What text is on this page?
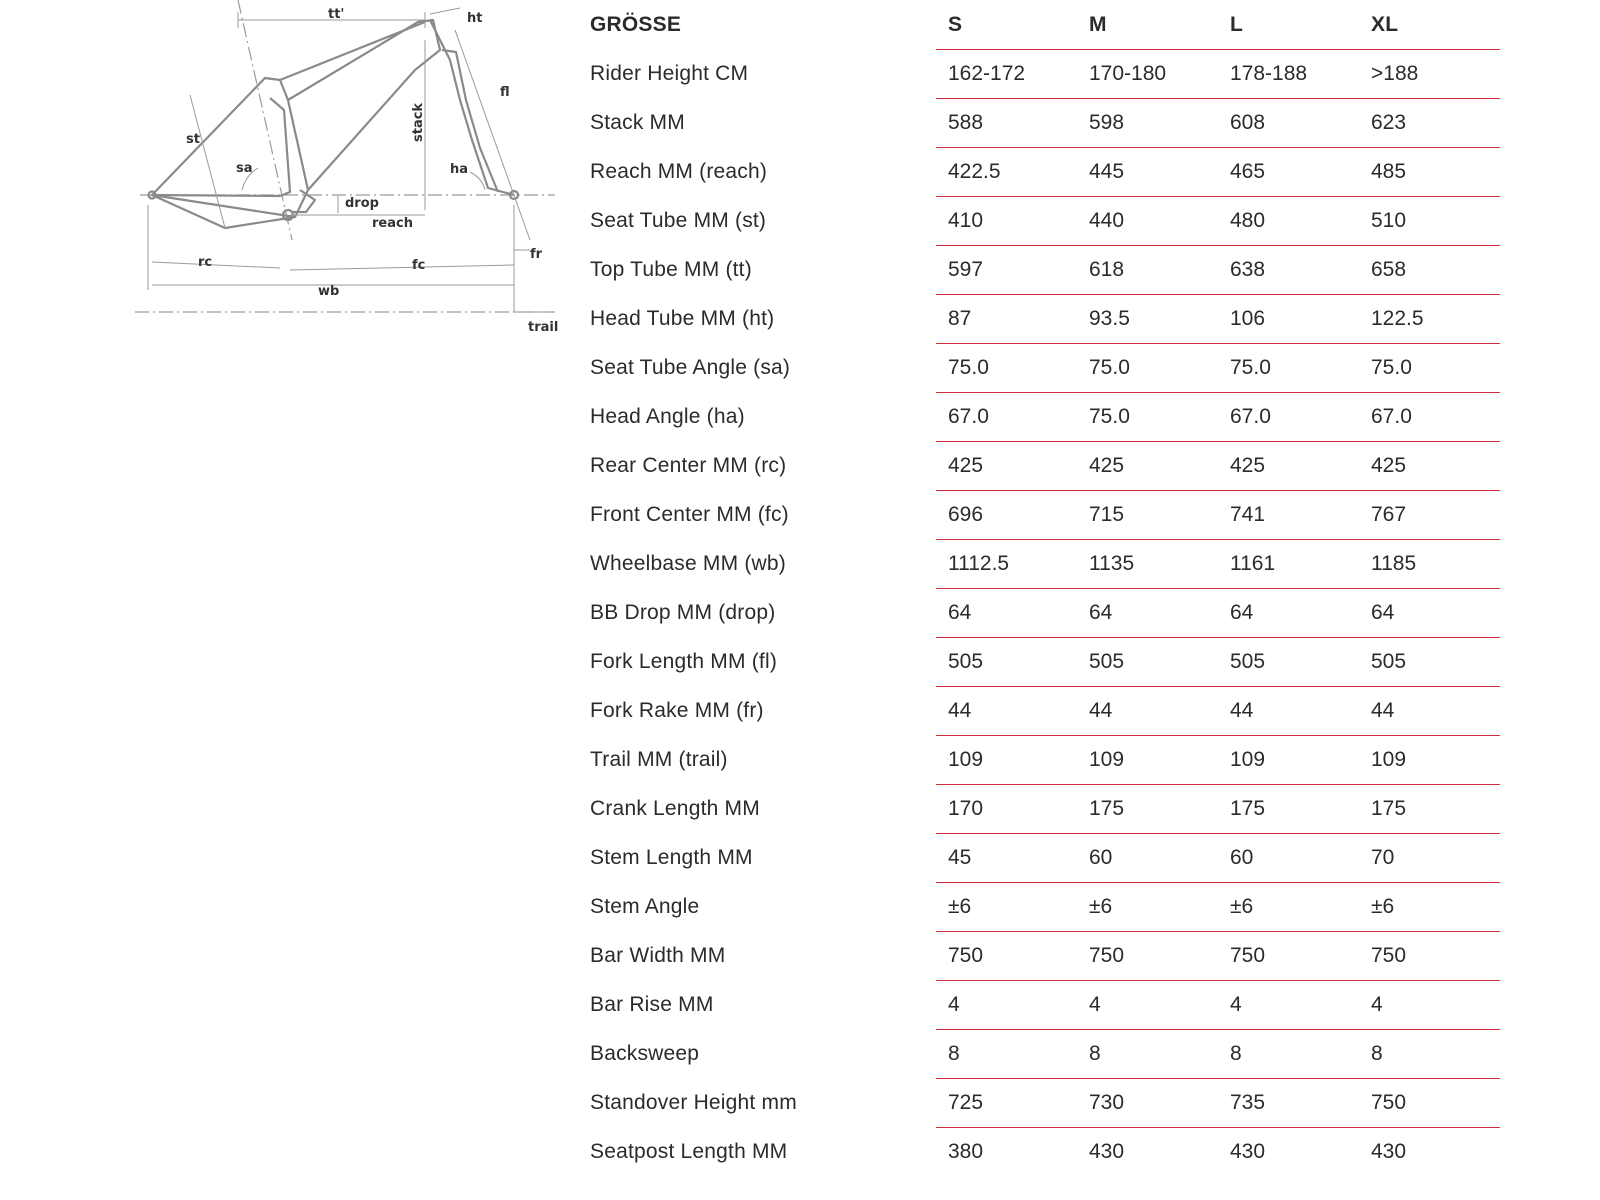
tt'	ht
fl
st	stack
sa	ha
drop
reach
rc	fc
fr
wb
trail
GRÖSSE	S	M	L	XL
Rider Height CM	162-172	170-180	178-188	>188
Stack MM	588	598	608	623
Reach MM (reach)	422.5	445	465	485
Seat Tube MM (st)	410	440	480	510
Top Tube MM (tt)	597	618	638	658
Head Tube MM (ht)	87	93.5	106	122.5
Seat Tube Angle (sa)	75.0	75.0	75.0	75.0
Head Angle (ha)	67.0	75.0	67.0	67.0
Rear Center MM (rc)	425	425	425	425
Front Center MM (fc)	696	715	741	767
Wheelbase MM (wb)	1112.5	1135	1161	1185
BB Drop MM (drop)	64	64	64	64
Fork Length MM (fl)	505	505	505	505
Fork Rake MM (fr)	44	44	44	44
Trail MM (trail)	109	109	109	109
Crank Length MM	170	175	175	175
Stem Length MM	45	60	60	70
Stem Angle	±6	±6	±6	±6
Bar Width MM	750	750	750	750
Bar Rise MM	4	4	4	4
Backsweep	8	8	8	8
Standover Height mm	725	730	735	750
Seatpost Length MM	380	430	430	430
